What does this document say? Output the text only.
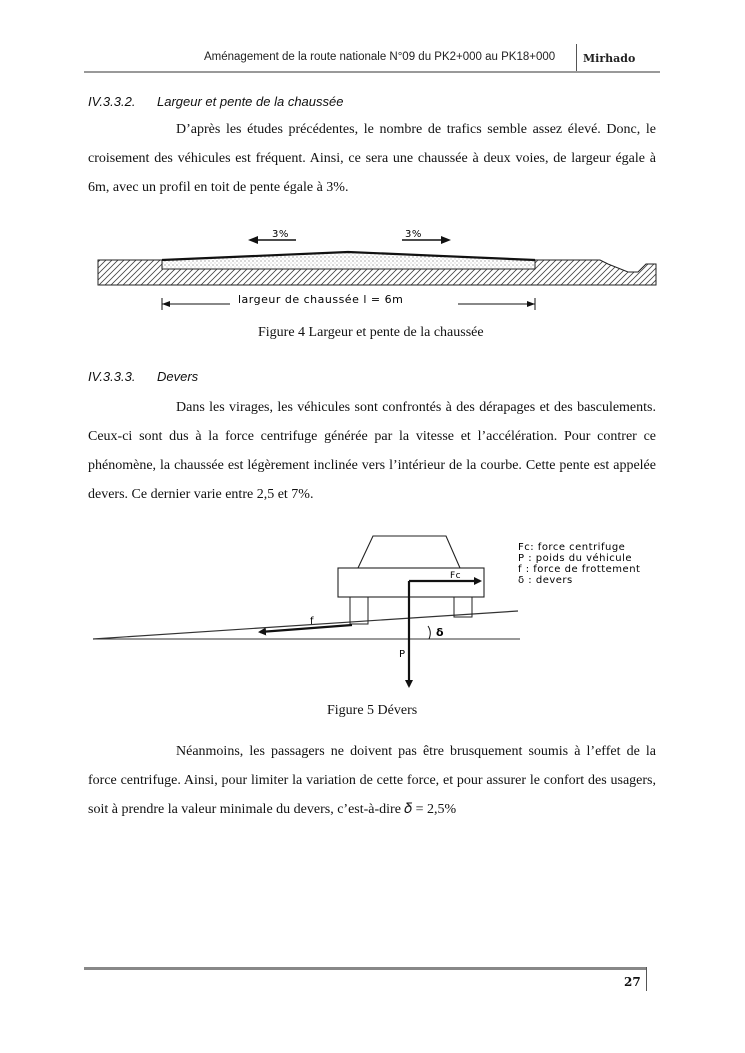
Aménagement de la route nationale N°09 du PK2+000 au PK18+000	Mirhado
IV.3.3.2. Largeur et pente de la chaussée
D’après les études précédentes, le nombre de trafics semble assez élevé. Donc, le croisement des véhicules est fréquent. Ainsi, ce sera une chaussée à deux voies, de largeur égale à 6m, avec un profil en toit de pente égale à 3%.
3%	3%
largeur de chaussée l = 6m
Figure 4 Largeur et pente de la chaussée
IV.3.3.3. Devers
Dans les virages, les véhicules sont confrontés à des dérapages et des basculements. Ceux-ci sont dus à la force centrifuge générée par la vitesse et l’accélération. Pour contrer ce phénomène, la chaussée est légèrement inclinée vers l’intérieur de la courbe. Cette pente est appelée devers. Ce dernier varie entre 2,5 et 7%.
Fc
P
f
δ
Fc: force centrifuge
P : poids du véhicule
f : force de frottement
δ : devers
Figure 5 Dévers
Néanmoins, les passagers ne doivent pas être brusquement soumis à l’effet de la force centrifuge. Ainsi, pour limiter la variation de cette force, et pour assurer le confort des usagers, soit à prendre la valeur minimale du devers, c’est-à-dire 𝛿 = 2,5%
27
